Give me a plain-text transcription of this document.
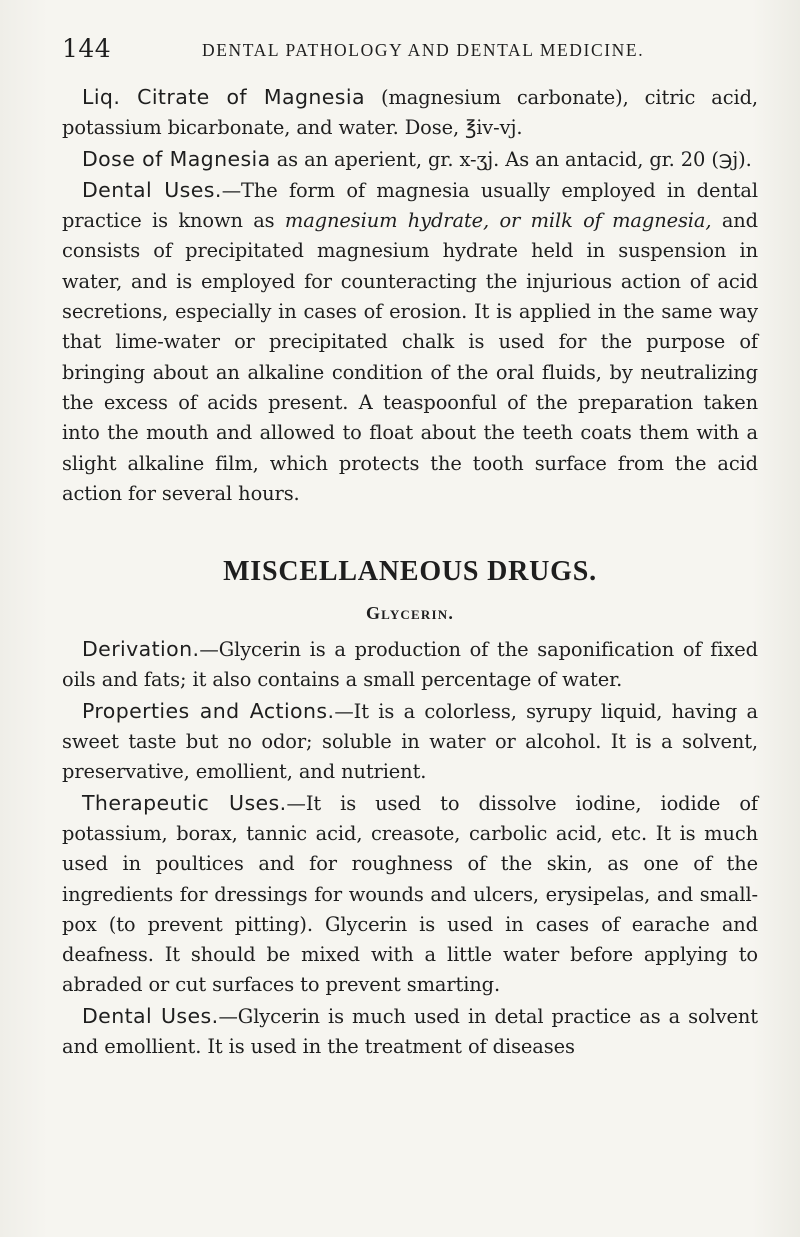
144	DENTAL PATHOLOGY AND DENTAL MEDICINE.

Liq. Citrate of Magnesia (magnesium carbonate), citric acid, potassium bicarbonate, and water. Dose, ℥iv-vj.

Dose of Magnesia as an aperient, gr. x-ʒj. As an antacid, gr. 20 (℈j).

Dental Uses.—The form of magnesia usually employed in dental practice is known as magnesium hydrate, or milk of magnesia, and consists of precipitated magnesium hydrate held in suspension in water, and is employed for counteracting the injurious action of acid secretions, especially in cases of erosion. It is applied in the same way that lime-water or precipitated chalk is used for the purpose of bringing about an alkaline condition of the oral fluids, by neutralizing the excess of acids present. A teaspoonful of the preparation taken into the mouth and allowed to float about the teeth coats them with a slight alkaline film, which protects the tooth surface from the acid action for several hours.

MISCELLANEOUS DRUGS.
Glycerin.

Derivation.—Glycerin is a production of the saponification of fixed oils and fats; it also contains a small percentage of water.

Properties and Actions.—It is a colorless, syrupy liquid, having a sweet taste but no odor; soluble in water or alcohol. It is a solvent, preservative, emollient, and nutrient.

Therapeutic Uses.—It is used to dissolve iodine, iodide of potassium, borax, tannic acid, creasote, carbolic acid, etc. It is much used in poultices and for roughness of the skin, as one of the ingredients for dressings for wounds and ulcers, erysipelas, and small-pox (to prevent pitting). Glycerin is used in cases of earache and deafness. It should be mixed with a little water before applying to abraded or cut surfaces to prevent smarting.

Dental Uses.—Glycerin is much used in detal practice as a solvent and emollient. It is used in the treatment of diseases
